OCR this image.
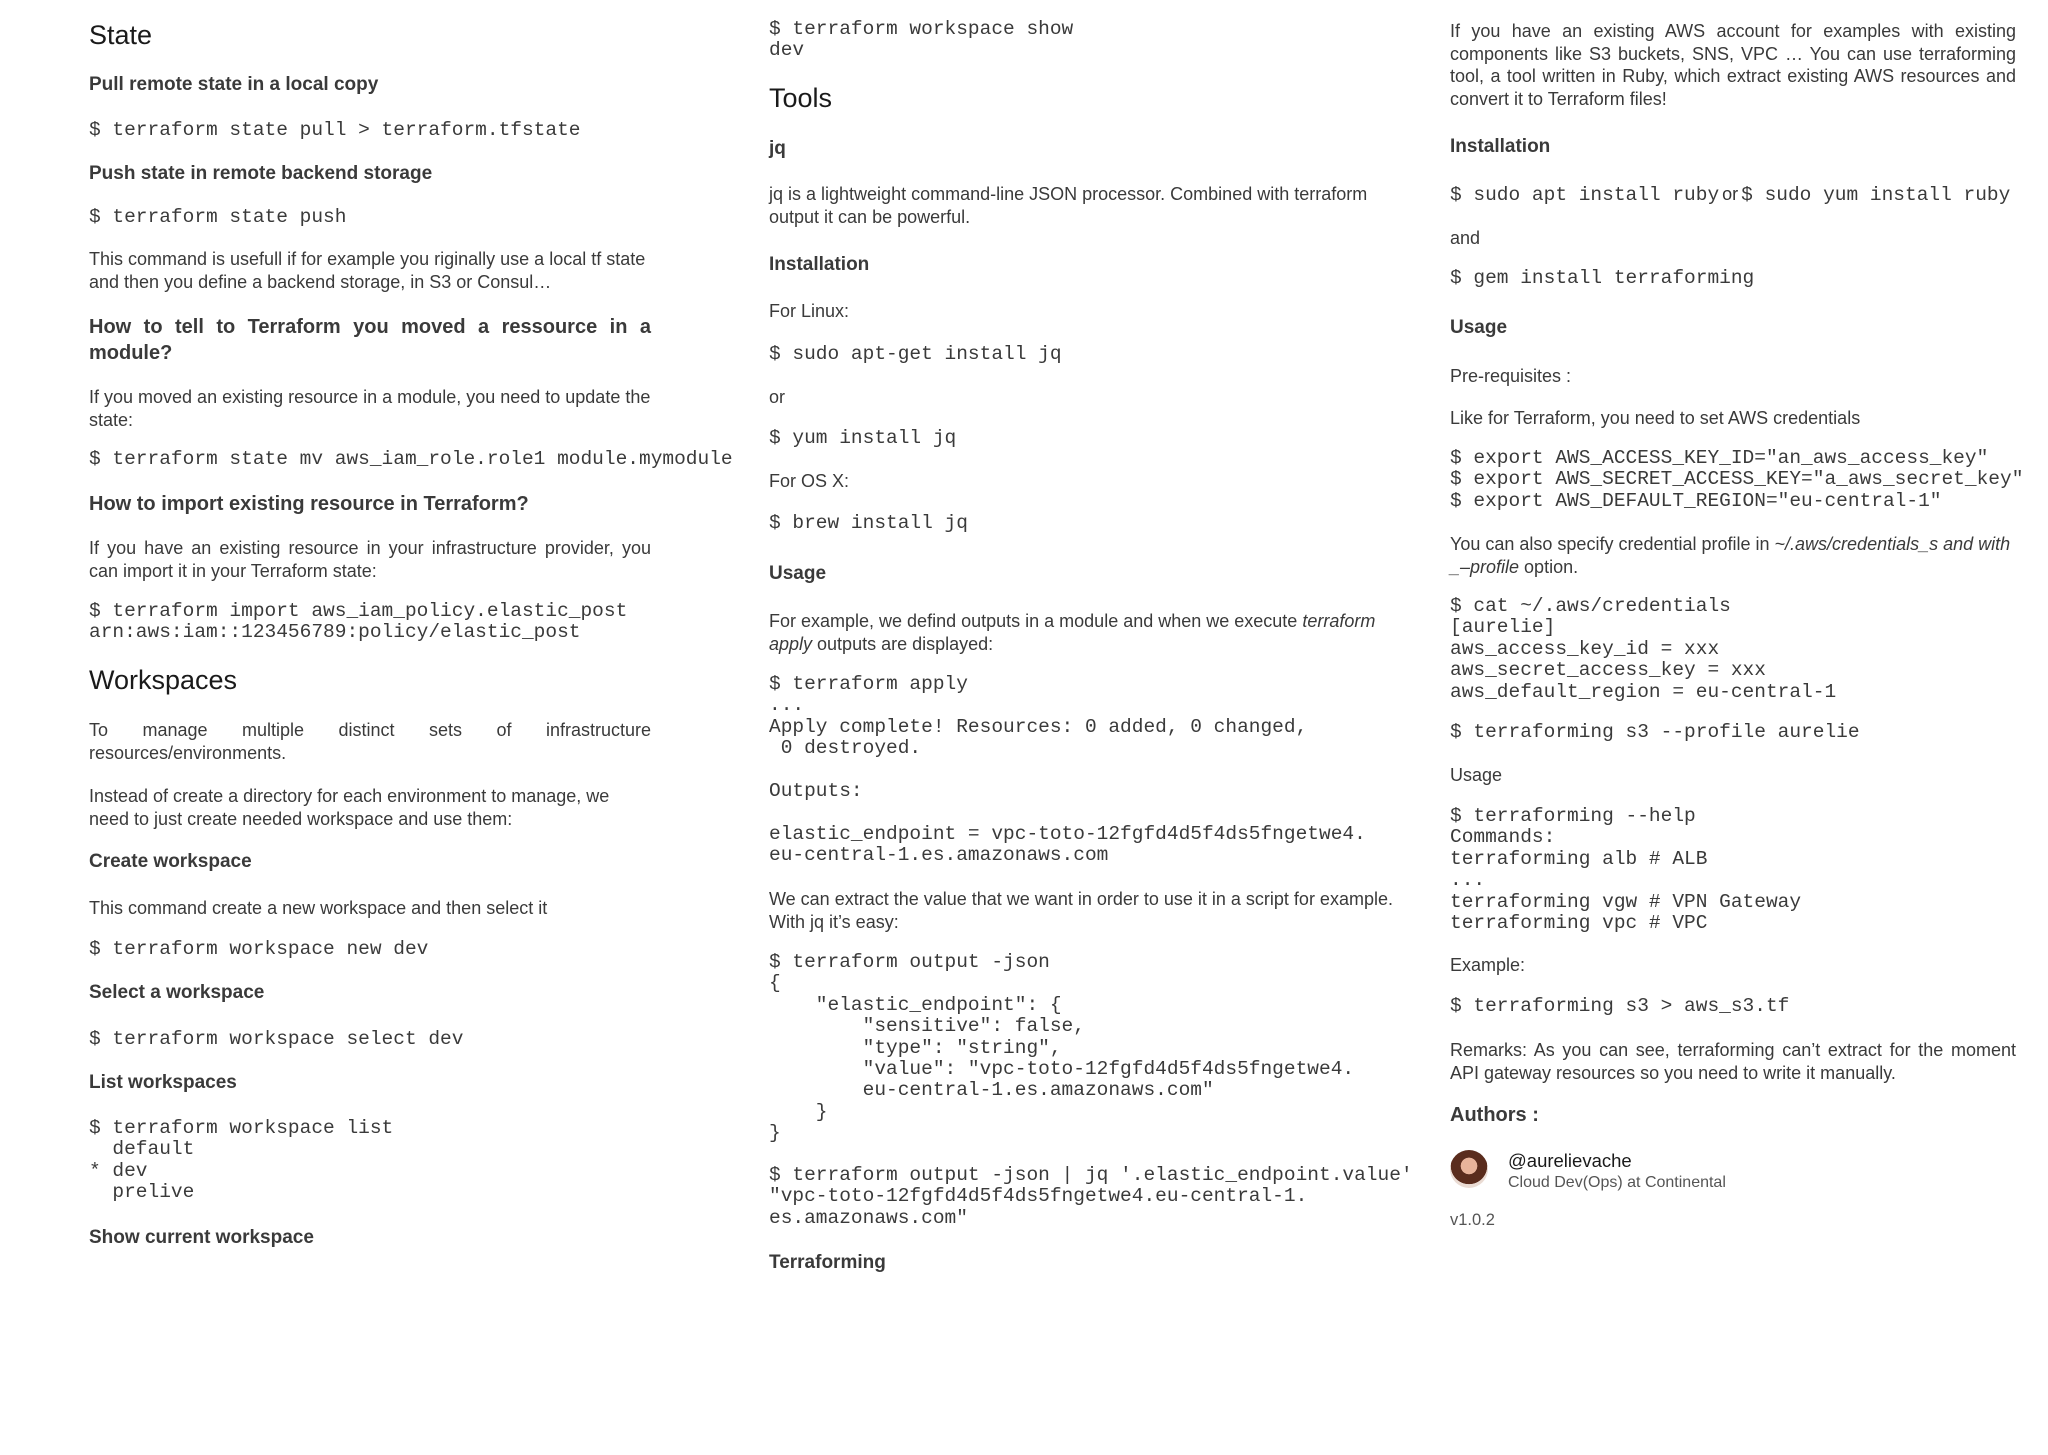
State
Pull remote state in a local copy
$ terraform state pull > terraform.tfstate
Push state in remote backend storage
$ terraform state push
This command is usefull if for example you riginally use a local tf state and then you define a backend storage, in S3 or Consul…
How to tell to Terraform you moved a ressource in a module?
If you moved an existing resource in a module, you need to update the state:
$ terraform state mv aws_iam_role.role1 module.mymodule
How to import existing resource in Terraform?
If you have an existing resource in your infrastructure provider, you can import it in your Terraform state:
$ terraform import aws_iam_policy.elastic_post
arn:aws:iam::123456789:policy/elastic_post
Workspaces
To manage multiple distinct sets of infrastructure resources/environments.
Instead of create a directory for each environment to manage, we need to just create needed workspace and use them:
Create workspace
This command create a new workspace and then select it
$ terraform workspace new dev
Select a workspace
$ terraform workspace select dev
List workspaces
$ terraform workspace list
default
* dev
prelive
Show current workspace
$ terraform workspace show
dev
Tools
jq
jq is a lightweight command-line JSON processor. Combined with terraform output it can be powerful.
Installation
For Linux:
$ sudo apt-get install jq
or
$ yum install jq
For OS X:
$ brew install jq
Usage
For example, we defind outputs in a module and when we execute terraform apply outputs are displayed:
$ terraform apply
...
Apply complete! Resources: 0 added, 0 changed,
0 destroyed.

Outputs:

elastic_endpoint = vpc-toto-12fgfd4d5f4ds5fngetwe4.
eu-central-1.es.amazonaws.com
We can extract the value that we want in order to use it in a script for example. With jq it’s easy:
$ terraform output -json
{
"elastic_endpoint": {
"sensitive": false,
"type": "string",
"value": "vpc-toto-12fgfd4d5f4ds5fngetwe4.
eu-central-1.es.amazonaws.com"
}
}
$ terraform output -json | jq '.elastic_endpoint.value'
"vpc-toto-12fgfd4d5f4ds5fngetwe4.eu-central-1.
es.amazonaws.com"
Terraforming
If you have an existing AWS account for examples with existing components like S3 buckets, SNS, VPC … You can use terraforming tool, a tool written in Ruby, which extract existing AWS resources and convert it to Terraform files!
Installation
$ sudo apt install ruby or $ sudo yum install ruby
and
$ gem install terraforming
Usage
Pre-requisites :
Like for Terraform, you need to set AWS credentials
$ export AWS_ACCESS_KEY_ID="an_aws_access_key"
$ export AWS_SECRET_ACCESS_KEY="a_aws_secret_key"
$ export AWS_DEFAULT_REGION="eu-central-1"
You can also specify credential profile in ~/.aws/credentials_s and with _–profile option.
$ cat ~/.aws/credentials
[aurelie]
aws_access_key_id = xxx
aws_secret_access_key = xxx
aws_default_region = eu-central-1
$ terraforming s3 --profile aurelie
Usage
$ terraforming --help
Commands:
terraforming alb # ALB
...
terraforming vgw # VPN Gateway
terraforming vpc # VPC
Example:
$ terraforming s3 > aws_s3.tf
Remarks: As you can see, terraforming can’t extract for the moment API gateway resources so you need to write it manually.
Authors :
@aurelievache
Cloud Dev(Ops) at Continental
v1.0.2
